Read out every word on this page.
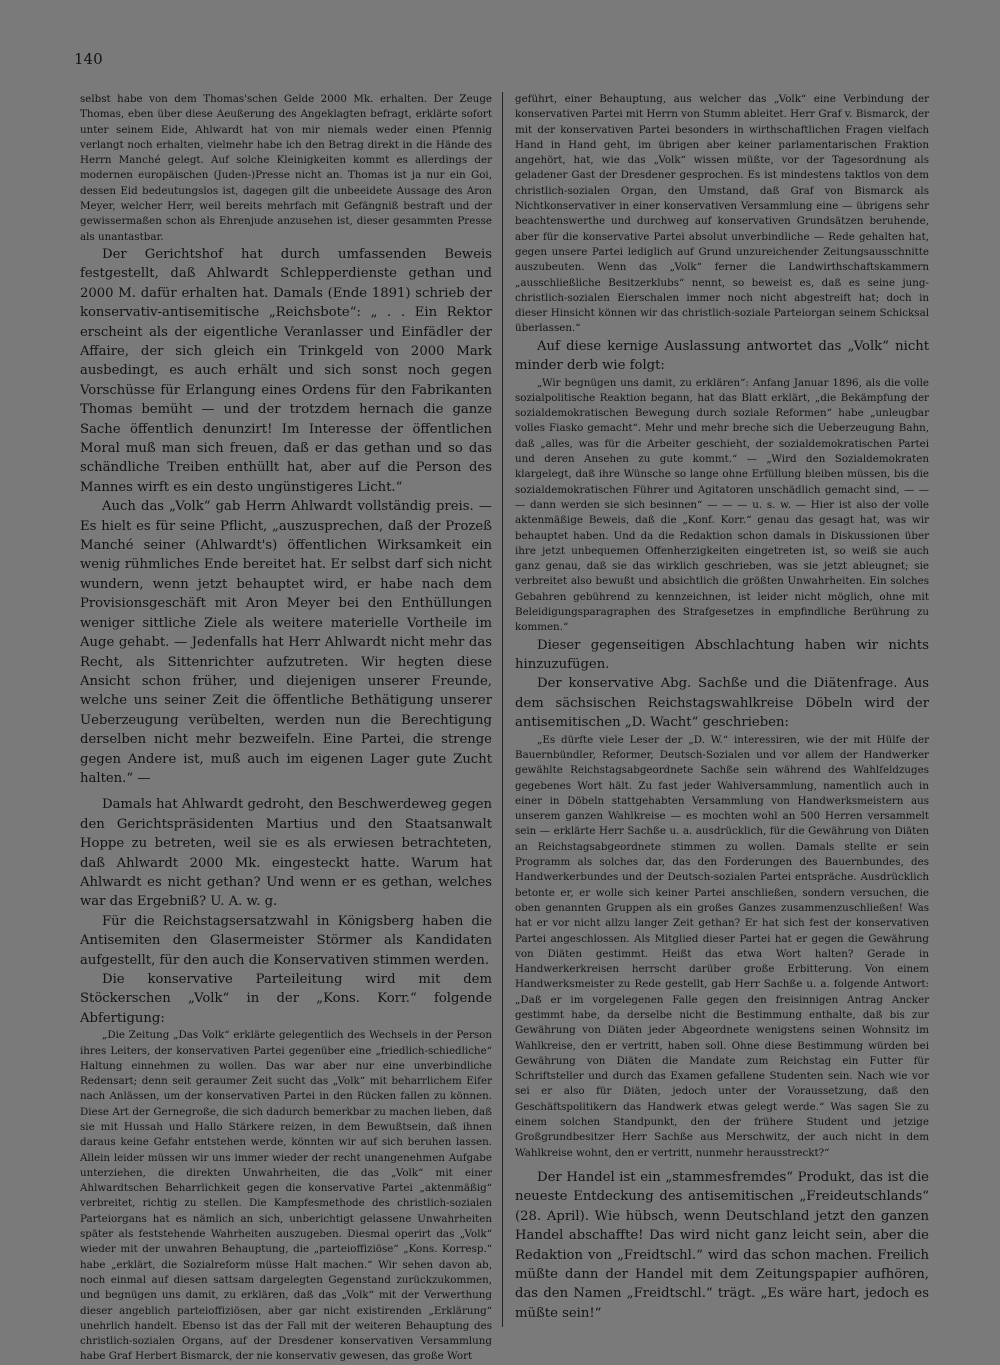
140

selbst habe von dem Thomas'schen Gelde 2000 Mk. erhalten. Der Zeuge Thomas, eben über diese Aeußerung des Angeklagten befragt, erklärte sofort unter seinem Eide, Ahlwardt hat von mir niemals weder einen Pfennig verlangt noch erhalten, vielmehr habe ich den Betrag direkt in die Hände des Herrn Manché gelegt. Auf solche Kleinigkeiten kommt es allerdings der modernen europäischen (Juden-)Presse nicht an. Thomas ist ja nur ein Goi, dessen Eid bedeutungslos ist, dagegen gilt die unbeeidete Aussage des Aron Meyer, welcher Herr, weil bereits mehrfach mit Gefängniß bestraft und der gewissermaßen schon als Ehrenjude anzusehen ist, dieser gesammten Presse als unantastbar.

Der Gerichtshof hat durch umfassenden Beweis festgestellt, daß Ahlwardt Schlepperdienste gethan und 2000 M. dafür erhalten hat. Damals (Ende 1891) schrieb der konservativ-antisemitische „Reichsbote“: „ . . Ein Rektor erscheint als der eigentliche Veranlasser und Einfädler der Affaire, der sich gleich ein Trinkgeld von 2000 Mark ausbedingt, es auch erhält und sich sonst noch gegen Vorschüsse für Erlangung eines Ordens für den Fabrikanten Thomas bemüht — und der trotzdem hernach die ganze Sache öffentlich denunzirt! Im Interesse der öffentlichen Moral muß man sich freuen, daß er das gethan und so das schändliche Treiben enthüllt hat, aber auf die Person des Mannes wirft es ein desto ungünstigeres Licht.“

Auch das „Volk“ gab Herrn Ahlwardt vollständig preis. — Es hielt es für seine Pflicht, „auszusprechen, daß der Prozeß Manché seiner (Ahlwardt's) öffentlichen Wirksamkeit ein wenig rühmliches Ende bereitet hat. Er selbst darf sich nicht wundern, wenn jetzt behauptet wird, er habe nach dem Provisionsgeschäft mit Aron Meyer bei den Enthüllungen weniger sittliche Ziele als weitere materielle Vortheile im Auge gehabt. — Jedenfalls hat Herr Ahlwardt nicht mehr das Recht, als Sittenrichter aufzutreten. Wir hegten diese Ansicht schon früher, und diejenigen unserer Freunde, welche uns seiner Zeit die öffentliche Bethätigung unserer Ueberzeugung verübelten, werden nun die Berechtigung derselben nicht mehr bezweifeln. Eine Partei, die strenge gegen Andere ist, muß auch im eigenen Lager gute Zucht halten.“ —

Damals hat Ahlwardt gedroht, den Beschwerdeweg gegen den Gerichtspräsidenten Martius und den Staatsanwalt Hoppe zu betreten, weil sie es als erwiesen betrachteten, daß Ahlwardt 2000 Mk. eingesteckt hatte. Warum hat Ahlwardt es nicht gethan? Und wenn er es gethan, welches war das Ergebniß? U. A. w. g.

Für die Reichstagsersatzwahl in Königsberg haben die Antisemiten den Glasermeister Störmer als Kandidaten aufgestellt, für den auch die Konservativen stimmen werden.

Die konservative Parteileitung wird mit dem Stöckerschen „Volk“ in der „Kons. Korr.“ folgende Abfertigung:

„Die Zeitung „Das Volk“ erklärte gelegentlich des Wechsels in der Person ihres Leiters, der konservativen Partei gegenüber eine „friedlich-schiedliche“ Haltung einnehmen zu wollen. Das war aber nur eine unverbindliche Redensart; denn seit geraumer Zeit sucht das „Volk“ mit beharrlichem Eifer nach Anlässen, um der konservativen Partei in den Rücken fallen zu können. Diese Art der Gernegroße, die sich dadurch bemerkbar zu machen lieben, daß sie mit Hussah und Hallo Stärkere reizen, in dem Bewußtsein, daß ihnen daraus keine Gefahr entstehen werde, könnten wir auf sich beruhen lassen. Allein leider müssen wir uns immer wieder der recht unangenehmen Aufgabe unterziehen, die direkten Unwahrheiten, die das „Volk“ mit einer Ahlwardtschen Beharrlichkeit gegen die konservative Partei „aktenmäßig“ verbreitet, richtig zu stellen. Die Kampfesmethode des christlich-sozialen Parteiorgans hat es nämlich an sich, unberichtigt gelassene Unwahrheiten später als feststehende Wahrheiten auszugeben. Diesmal operirt das „Volk“ wieder mit der unwahren Behauptung, die „parteioffiziöse“ „Kons. Korresp.“ habe „erklärt, die Sozialreform müsse Halt machen.“ Wir sehen davon ab, noch einmal auf diesen sattsam dargelegten Gegenstand zurückzukommen, und begnügen uns damit, zu erklären, daß das „Volk“ mit der Verwerthung dieser angeblich parteioffiziösen, aber gar nicht existirenden „Erklärung“ unehrlich handelt. Ebenso ist das der Fall mit der weiteren Behauptung des christlich-sozialen Organs, auf der Dresdener konservativen Versammlung habe Graf Herbert Bismarck, der nie konservativ gewesen, das große Wort

geführt, einer Behauptung, aus welcher das „Volk“ eine Verbindung der konservativen Partei mit Herrn von Stumm ableitet. Herr Graf v. Bismarck, der mit der konservativen Partei besonders in wirthschaftlichen Fragen vielfach Hand in Hand geht, im übrigen aber keiner parlamentarischen Fraktion angehört, hat, wie das „Volk“ wissen müßte, vor der Tagesordnung als geladener Gast der Dresdener gesprochen. Es ist mindestens taktlos von dem christlich-sozialen Organ, den Umstand, daß Graf von Bismarck als Nichtkonservativer in einer konservativen Versammlung eine — übrigens sehr beachtenswerthe und durchweg auf konservativen Grundsätzen beruhende, aber für die konservative Partei absolut unverbindliche — Rede gehalten hat, gegen unsere Partei lediglich auf Grund unzureichender Zeitungsausschnitte auszubeuten. Wenn das „Volk“ ferner die Landwirthschaftskammern „ausschließliche Besitzerklubs“ nennt, so beweist es, daß es seine jung-christlich-sozialen Eierschalen immer noch nicht abgestreift hat; doch in dieser Hinsicht können wir das christlich-soziale Parteiorgan seinem Schicksal überlassen.“

Auf diese kernige Auslassung antwortet das „Volk“ nicht minder derb wie folgt:

„Wir begnügen uns damit, zu erklären“: Anfang Januar 1896, als die volle sozialpolitische Reaktion begann, hat das Blatt erklärt, „die Bekämpfung der sozialdemokratischen Bewegung durch soziale Reformen“ habe „unleugbar volles Fiasko gemacht“. Mehr und mehr breche sich die Ueberzeugung Bahn, daß „alles, was für die Arbeiter geschieht, der sozialdemokratischen Partei und deren Ansehen zu gute kommt.“ — „Wird den Sozialdemokraten klargelegt, daß ihre Wünsche so lange ohne Erfüllung bleiben müssen, bis die sozialdemokratischen Führer und Agitatoren unschädlich gemacht sind, — — — dann werden sie sich besinnen“ — — — u. s. w. — Hier ist also der volle aktenmäßige Beweis, daß die „Konf. Korr.“ genau das gesagt hat, was wir behauptet haben. Und da die Redaktion schon damals in Diskussionen über ihre jetzt unbequemen Offenherzigkeiten eingetreten ist, so weiß sie auch ganz genau, daß sie das wirklich geschrieben, was sie jetzt ableugnet; sie verbreitet also bewußt und absichtlich die größten Unwahrheiten. Ein solches Gebahren gebührend zu kennzeichnen, ist leider nicht möglich, ohne mit Beleidigungsparagraphen des Strafgesetzes in empfindliche Berührung zu kommen.“

Dieser gegenseitigen Abschlachtung haben wir nichts hinzuzufügen.

Der konservative Abg. Sachße und die Diätenfrage. Aus dem sächsischen Reichstagswahlkreise Döbeln wird der antisemitischen „D. Wacht“ geschrieben:

„Es dürfte viele Leser der „D. W.“ interessiren, wie der mit Hülfe der Bauernbündler, Reformer, Deutsch-Sozialen und vor allem der Handwerker gewählte Reichstagsabgeordnete Sachße sein während des Wahlfeldzuges gegebenes Wort hält. Zu fast jeder Wahlversammlung, namentlich auch in einer in Döbeln stattgehabten Versammlung von Handwerksmeistern aus unserem ganzen Wahlkreise — es mochten wohl an 500 Herren versammelt sein — erklärte Herr Sachße u. a. ausdrücklich, für die Gewährung von Diäten an Reichstagsabgeordnete stimmen zu wollen. Damals stellte er sein Programm als solches dar, das den Forderungen des Bauernbundes, des Handwerkerbundes und der Deutsch-sozialen Partei entspräche. Ausdrücklich betonte er, er wolle sich keiner Partei anschließen, sondern versuchen, die oben genannten Gruppen als ein großes Ganzes zusammenzuschließen! Was hat er vor nicht allzu langer Zeit gethan? Er hat sich fest der konservativen Partei angeschlossen. Als Mitglied dieser Partei hat er gegen die Gewährung von Diäten gestimmt. Heißt das etwa Wort halten? Gerade in Handwerkerkreisen herrscht darüber große Erbitterung. Von einem Handwerksmeister zu Rede gestellt, gab Herr Sachße u. a. folgende Antwort: „Daß er im vorgelegenen Falle gegen den freisinnigen Antrag Ancker gestimmt habe, da derselbe nicht die Bestimmung enthalte, daß bis zur Gewährung von Diäten jeder Abgeordnete wenigstens seinen Wohnsitz im Wahlkreise, den er vertritt, haben soll. Ohne diese Bestimmung würden bei Gewährung von Diäten die Mandate zum Reichstag ein Futter für Schriftsteller und durch das Examen gefallene Studenten sein. Nach wie vor sei er also für Diäten, jedoch unter der Voraussetzung, daß den Geschäftspolitikern das Handwerk etwas gelegt werde.“ Was sagen Sie zu einem solchen Standpunkt, den der frühere Student und jetzige Großgrundbesitzer Herr Sachße aus Merschwitz, der auch nicht in dem Wahlkreise wohnt, den er vertritt, nunmehr herausstreckt?“

Der Handel ist ein „stammesfremdes“ Produkt, das ist die neueste Entdeckung des antisemitischen „Freideutschlands“ (28. April). Wie hübsch, wenn Deutschland jetzt den ganzen Handel abschaffte! Das wird nicht ganz leicht sein, aber die Redaktion von „Freidtschl.“ wird das schon machen. Freilich müßte dann der Handel mit dem Zeitungspapier aufhören, das den Namen „Freidtschl.“ trägt. „Es wäre hart, jedoch es müßte sein!“
